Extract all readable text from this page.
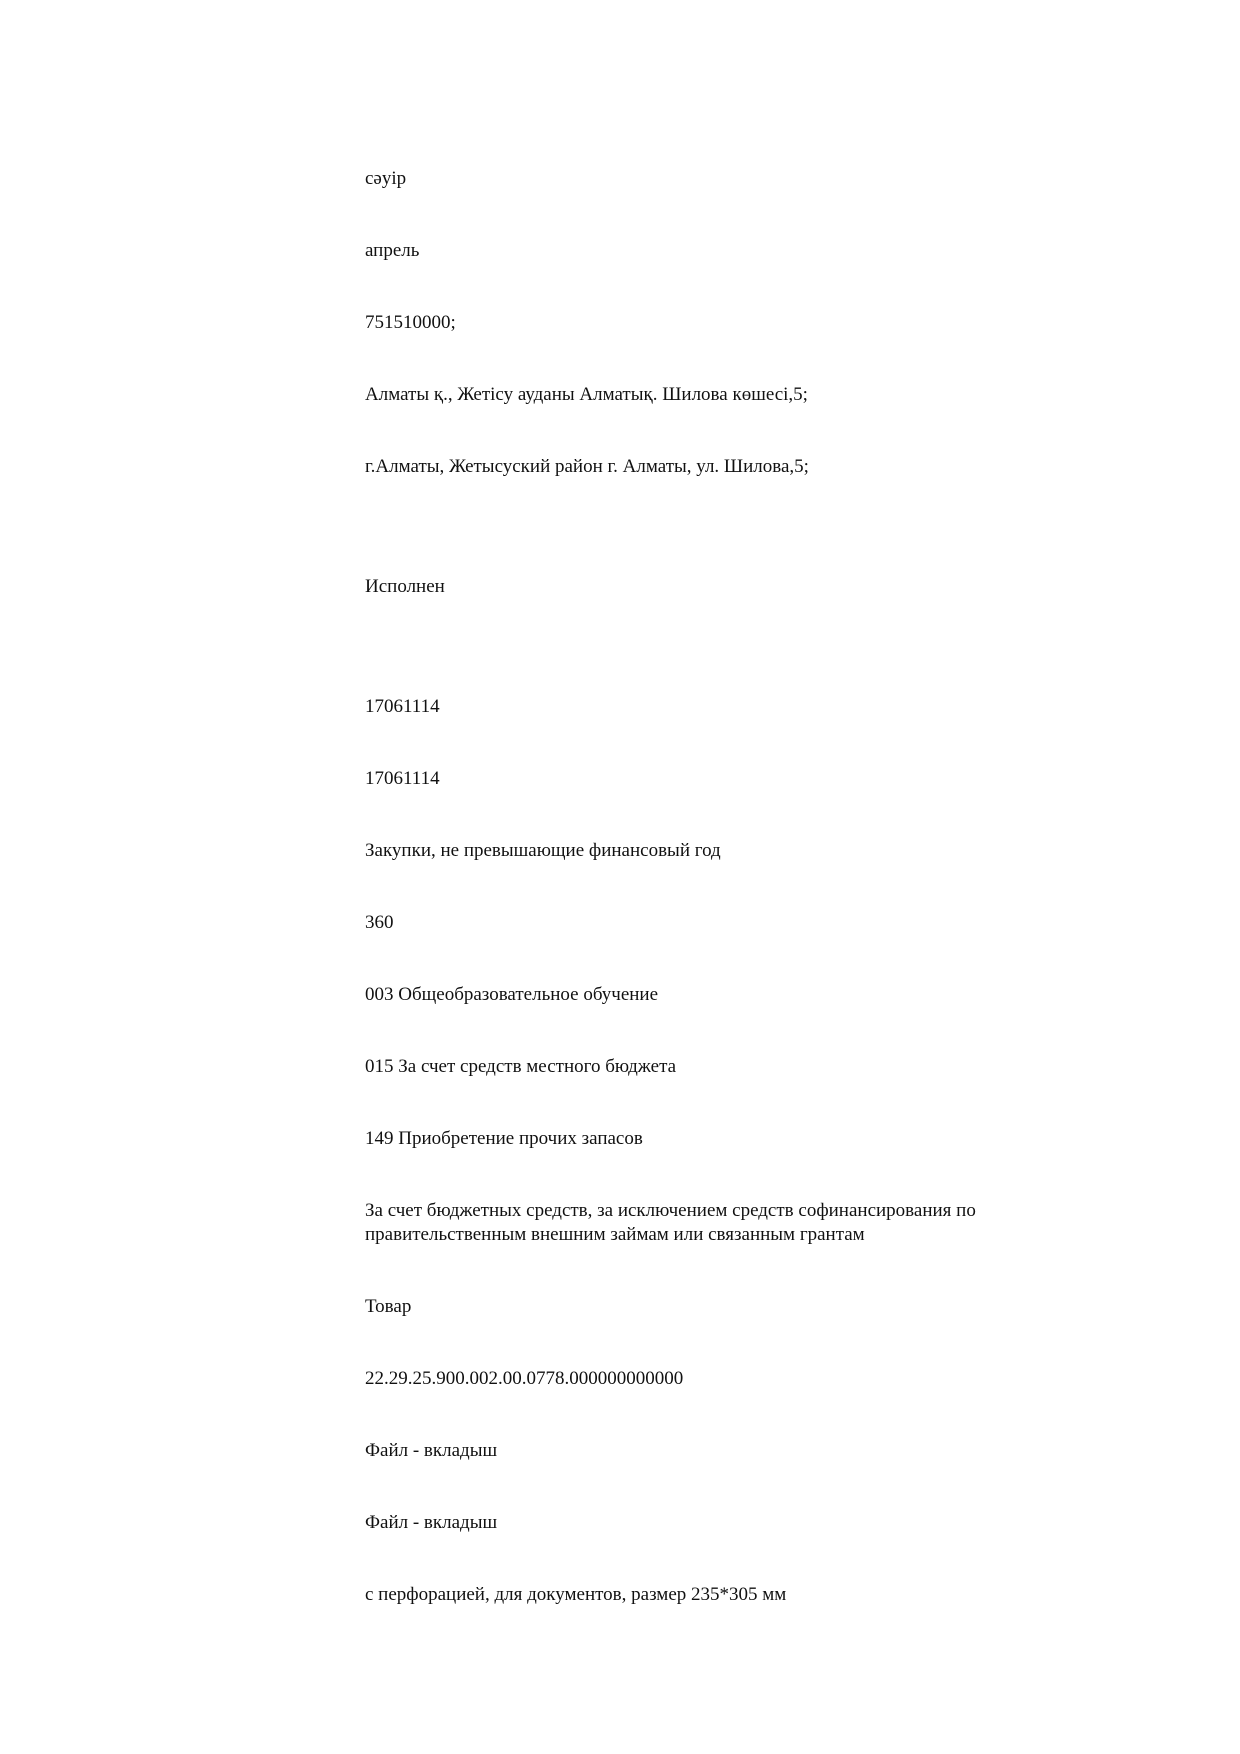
сәуір

апрель

751510000;

Алматы қ., Жетісу ауданы Алматық. Шилова көшесі,5;

г.Алматы, Жетысуский район г. Алматы, ул. Шилова,5;

Исполнен

17061114

17061114

Закупки, не превышающие финансовый год

360

003 Общеобразовательное обучение

015 За счет средств местного бюджета

149 Приобретение прочих запасов

За счет бюджетных средств, за исключением средств софинансирования по правительственным внешним займам или связанным грантам

Товар

22.29.25.900.002.00.0778.000000000000

Файл - вкладыш

Файл - вкладыш

с перфорацией, для документов, размер 235*305 мм
